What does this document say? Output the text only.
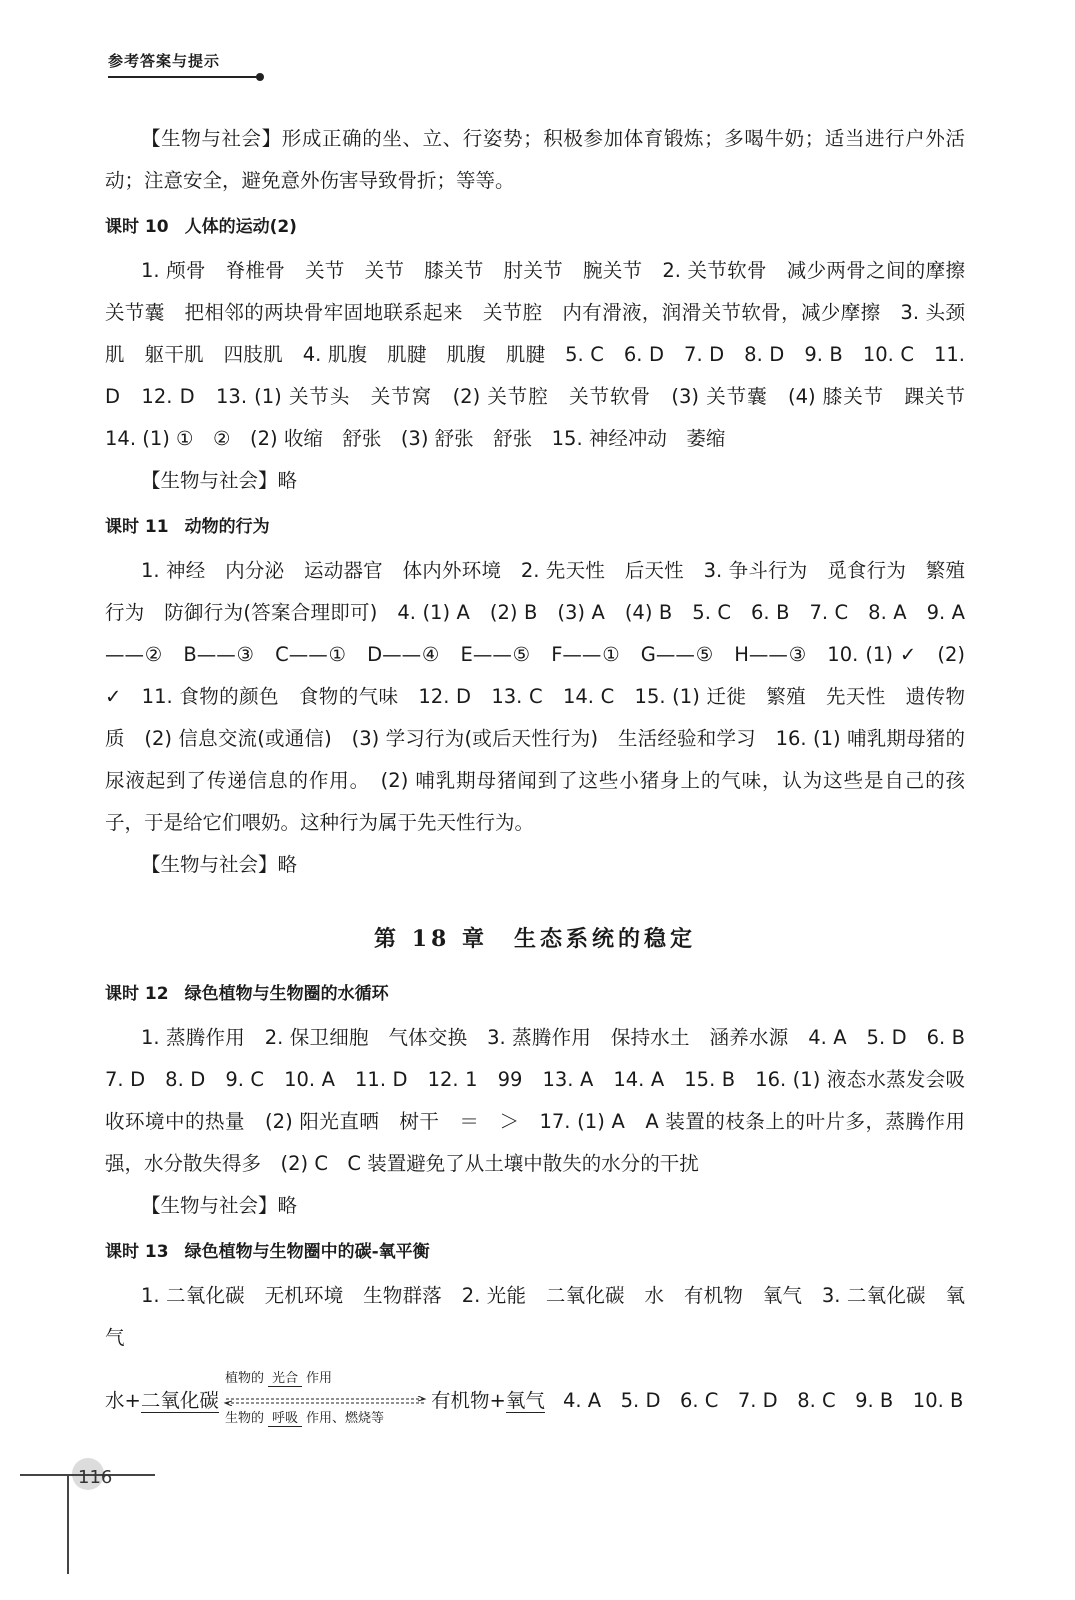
参考答案与提示

【生物与社会】形成正确的坐、立、行姿势；积极参加体育锻炼；多喝牛奶；适当进行户外活动；注意安全，避免意外伤害导致骨折；等等。

课时 10 人体的运动(2)

1. 颅骨　脊椎骨　关节　关节　膝关节　肘关节　腕关节　2. 关节软骨　减少两骨之间的摩擦　关节囊　把相邻的两块骨牢固地联系起来　关节腔　内有滑液，润滑关节软骨，减少摩擦　3. 头颈肌　躯干肌　四肢肌　4. 肌腹　肌腱　肌腹　肌腱　5. C　6. D　7. D　8. D　9. B　10. C　11. D　12. D　13. (1) 关节头　关节窝　(2) 关节腔　关节软骨　(3) 关节囊　(4) 膝关节　踝关节　14. (1) ①　②　(2) 收缩　舒张　(3) 舒张　舒张　15. 神经冲动　萎缩

【生物与社会】略

课时 11 动物的行为

1. 神经　内分泌　运动器官　体内外环境　2. 先天性　后天性　3. 争斗行为　觅食行为　繁殖行为　防御行为(答案合理即可)　4. (1) A　(2) B　(3) A　(4) B　5. C　6. B　7. C　8. A　9. A——②　B——③　C——①　D——④　E——⑤　F——①　G——⑤　H——③　10. (1) ✓　(2) ✓　11. 食物的颜色　食物的气味　12. D　13. C　14. C　15. (1) 迁徙　繁殖　先天性　遗传物质　(2) 信息交流(或通信)　(3) 学习行为(或后天性行为)　生活经验和学习　16. (1) 哺乳期母猪的尿液起到了传递信息的作用。　(2) 哺乳期母猪闻到了这些小猪身上的气味，认为这些是自己的孩子，于是给它们喂奶。这种行为属于先天性行为。

【生物与社会】略

第 18 章　生态系统的稳定
课时 12 绿色植物与生物圈的水循环

1. 蒸腾作用　2. 保卫细胞　气体交换　3. 蒸腾作用　保持水土　涵养水源　4. A　5. D　6. B　7. D　8. D　9. C　10. A　11. D　12. 1　99　13. A　14. A　15. B　16. (1) 液态水蒸发会吸收环境中的热量　(2) 阳光直晒　树干　＝　＞　17. (1) A　A 装置的枝条上的叶片多，蒸腾作用强，水分散失得多　(2) C　C 装置避免了从土壤中散失的水分的干扰

【生物与社会】略

课时 13 绿色植物与生物圈中的碳-氧平衡

1. 二氧化碳　无机环境　生物群落　2. 光能　二氧化碳　水　有机物　氧气　3. 二氧化碳　氧气

水+二氧化碳
植物的 光合 作用
生物的 呼吸 作用、燃烧等
有机物+氧气 4. A　5. D　6. C　7. D　8. C　9. B　10. B
116
